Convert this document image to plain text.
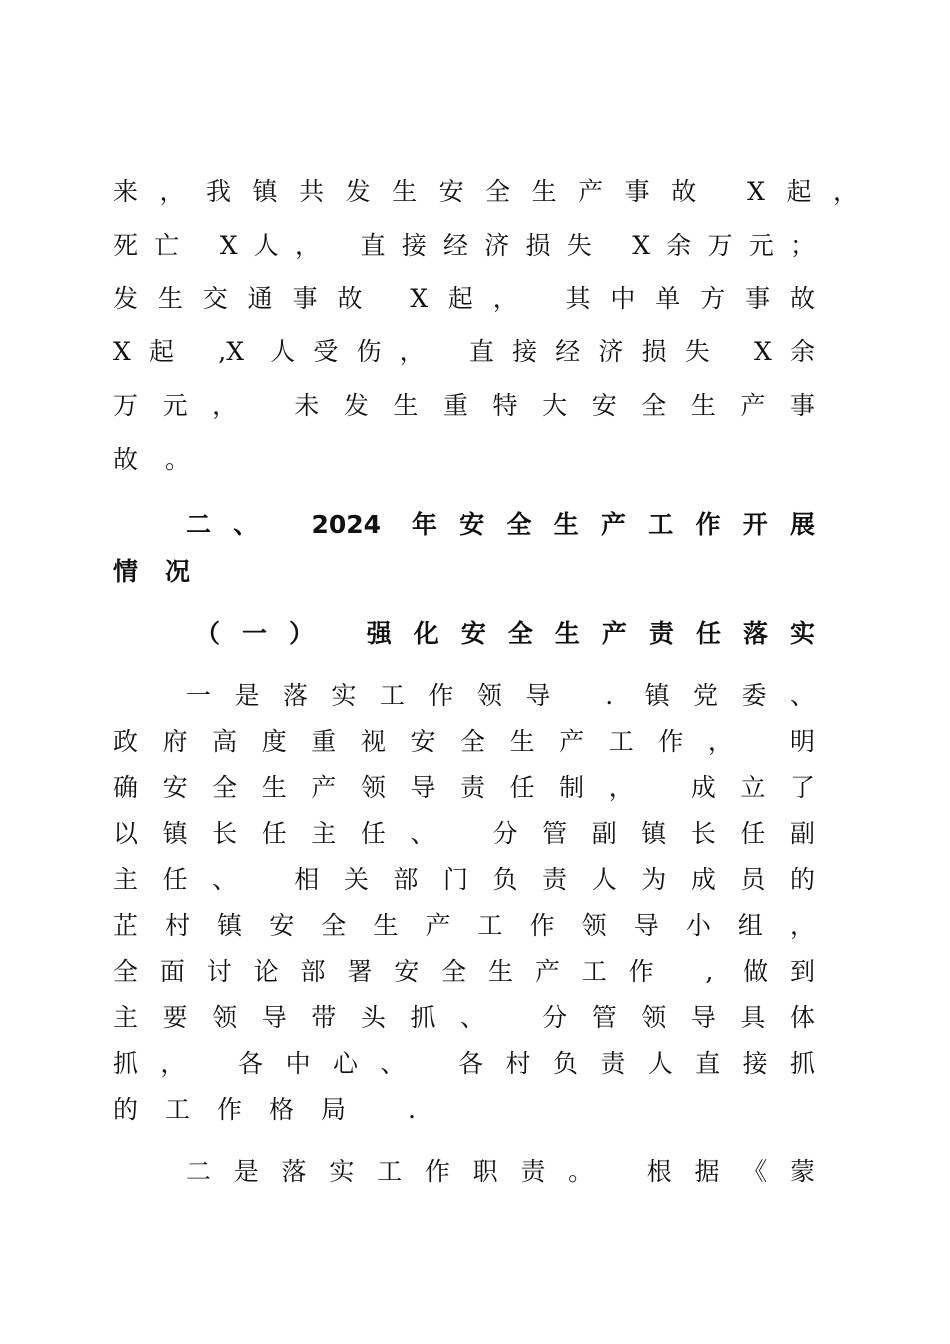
来，我镇共发生安全生产事故 X起，
死亡 X人， 直接经济损失 X余万元；
发生交通事故 X起， 其中单方事故
X起 ,X 人受伤， 直接经济损失 X余
万元， 未发生重特大安全生产事
故。
二、 2024 年安全生产工作开展
情况
（一） 强化安全生产责任落实
一是落实工作领导 . 镇党委、
政府高度重视安全生产工作， 明
确安全生产领导责任制， 成立了
以镇长任主任、 分管副镇长任副
主任、 相关部门负责人为成员的
芷村镇安全生产工作领导小组，
全面讨论部署安全生产工作 , 做到
主要领导带头抓、 分管领导具体
抓， 各中心、 各村负责人直接抓
的工作格局 .
二是落实工作职责。 根据《蒙
